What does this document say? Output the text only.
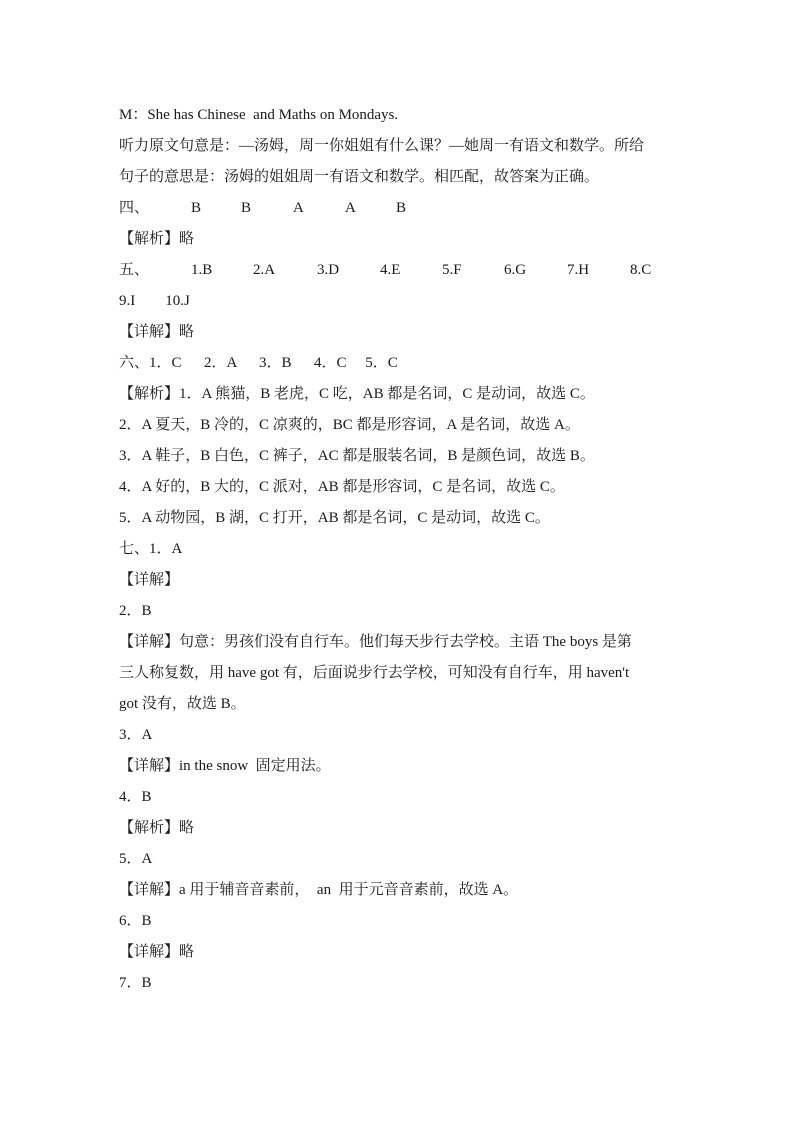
M：She has Chinese  and Maths on Mondays.
听力原文句意是：—汤姆，周一你姐姐有什么课？—她周一有语文和数学。所给
句子的意思是：汤姆的姐姐周一有语文和数学。相匹配，故答案为正确。

四、

	B

	B

	A

	A

	B

【解析】略

五、

	1.B

	2.A

	3.D

	4.E

	5.F

	6.G

	7.H

	8.C

9.I        10.J
【详解】略
六、1．C      2．A      3．B      4．C     5．C
【解析】1．A 熊猫，B 老虎，C 吃，AB 都是名词，C 是动词，故选 C。
2．A 夏天，B 冷的，C 凉爽的，BC 都是形容词，A 是名词，故选 A。
3．A 鞋子，B 白色，C 裤子，AC 都是服装名词，B 是颜色词，故选 B。
4．A 好的，B 大的，C 派对，AB 都是形容词，C 是名词，故选 C。
5．A 动物园，B 湖，C 打开，AB 都是名词，C 是动词，故选 C。
七、1．A
【详解】
2．B
【详解】句意：男孩们没有自行车。他们每天步行去学校。主语 The boys 是第
三人称复数，用 have got 有，后面说步行去学校，可知没有自行车，用 haven't
got 没有，故选 B。
3．A
【详解】in the snow  固定用法。
4．B
【解析】略
5．A
【详解】a 用于辅音音素前，  an  用于元音音素前，故选 A。
6．B
【详解】略
7．B
